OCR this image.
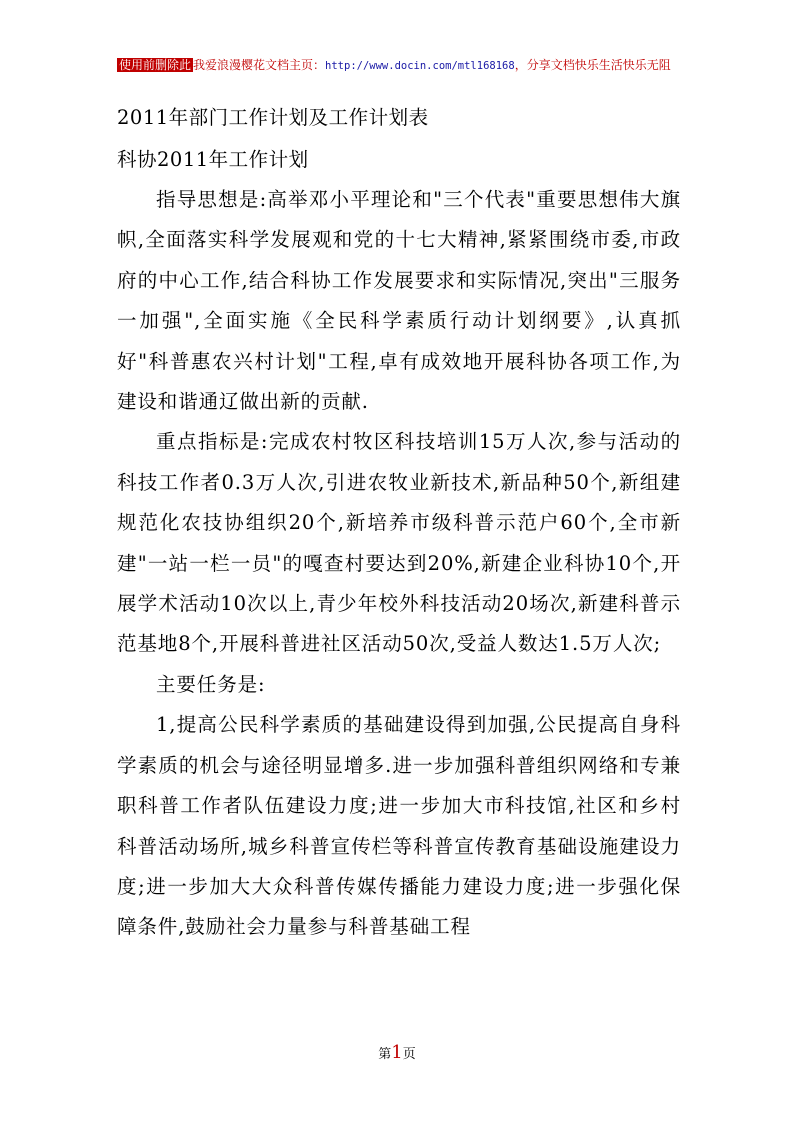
使用前删除此 我爱浪漫樱花文档主页：http://www.docin.com/mtl168168，分享文档快乐生活快乐无阻
2011年部门工作计划及工作计划表
科协2011年工作计划

指导思想是:高举邓小平理论和"三个代表"重要思想伟大旗帜,全面落实科学发展观和党的十七大精神,紧紧围绕市委,市政府的中心工作,结合科协工作发展要求和实际情况,突出"三服务一加强",全面实施《全民科学素质行动计划纲要》,认真抓好"科普惠农兴村计划"工程,卓有成效地开展科协各项工作,为建设和谐通辽做出新的贡献.

重点指标是:完成农村牧区科技培训15万人次,参与活动的科技工作者0.3万人次,引进农牧业新技术,新品种50个,新组建规范化农技协组织20个,新培养市级科普示范户60个,全市新建"一站一栏一员"的嘎查村要达到20%,新建企业科协10个,开展学术活动10次以上,青少年校外科技活动20场次,新建科普示范基地8个,开展科普进社区活动50次,受益人数达1.5万人次;

主要任务是:

1,提高公民科学素质的基础建设得到加强,公民提高自身科学素质的机会与途径明显增多.进一步加强科普组织网络和专兼职科普工作者队伍建设力度;进一步加大市科技馆,社区和乡村科普活动场所,城乡科普宣传栏等科普宣传教育基础设施建设力度;进一步加大大众科普传媒传播能力建设力度;进一步强化保障条件,鼓励社会力量参与科普基础工程

第1页
